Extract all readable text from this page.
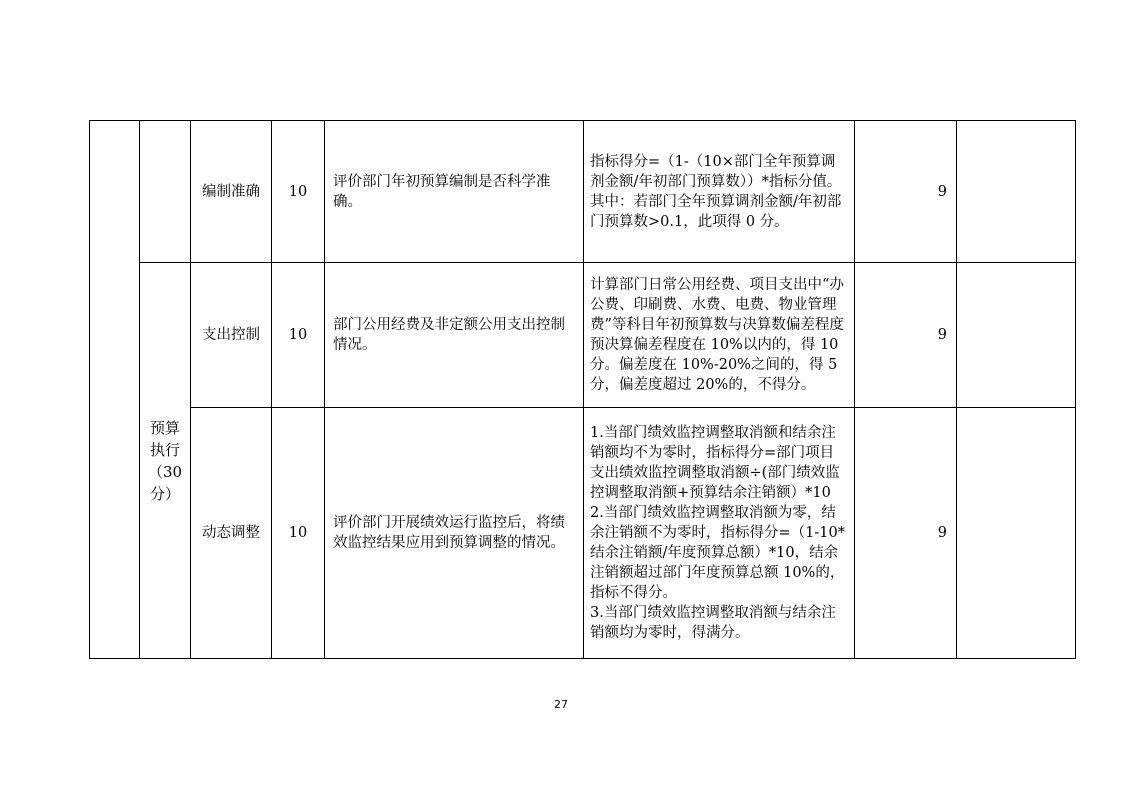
		编制准确	10	评价部门年初预算编制是否科学准确。	指标得分=（1-（10×部门全年预算调剂金额/年初部门预算数））*指标分值。其中：若部门全年预算调剂金额/年初部门预算数>0.1，此项得 0 分。	9	
	预算执行（30分）	支出控制	10	部门公用经费及非定额公用支出控制情况。	计算部门日常公用经费、项目支出中“办公费、印刷费、水费、电费、物业管理费”等科目年初预算数与决算数偏差程度
预决算偏差程度在 10%以内的，得 10 分。偏差度在 10%-20%之间的，得 5 分，偏差度超过 20%的，不得分。	9	
		动态调整	10	评价部门开展绩效运行监控后，将绩效监控结果应用到预算调整的情况。	1.当部门绩效监控调整取消额和结余注销额均不为零时，指标得分=部门项目支出绩效监控调整取消额÷(部门绩效监控调整取消额+预算结余注销额）*10
2.当部门绩效监控调整取消额为零，结余注销额不为零时，指标得分=（1-10*结余注销额/年度预算总额）*10，结余注销额超过部门年度预算总额 10%的，指标不得分。
3.当部门绩效监控调整取消额与结余注销额均为零时，得满分。	9	
27
